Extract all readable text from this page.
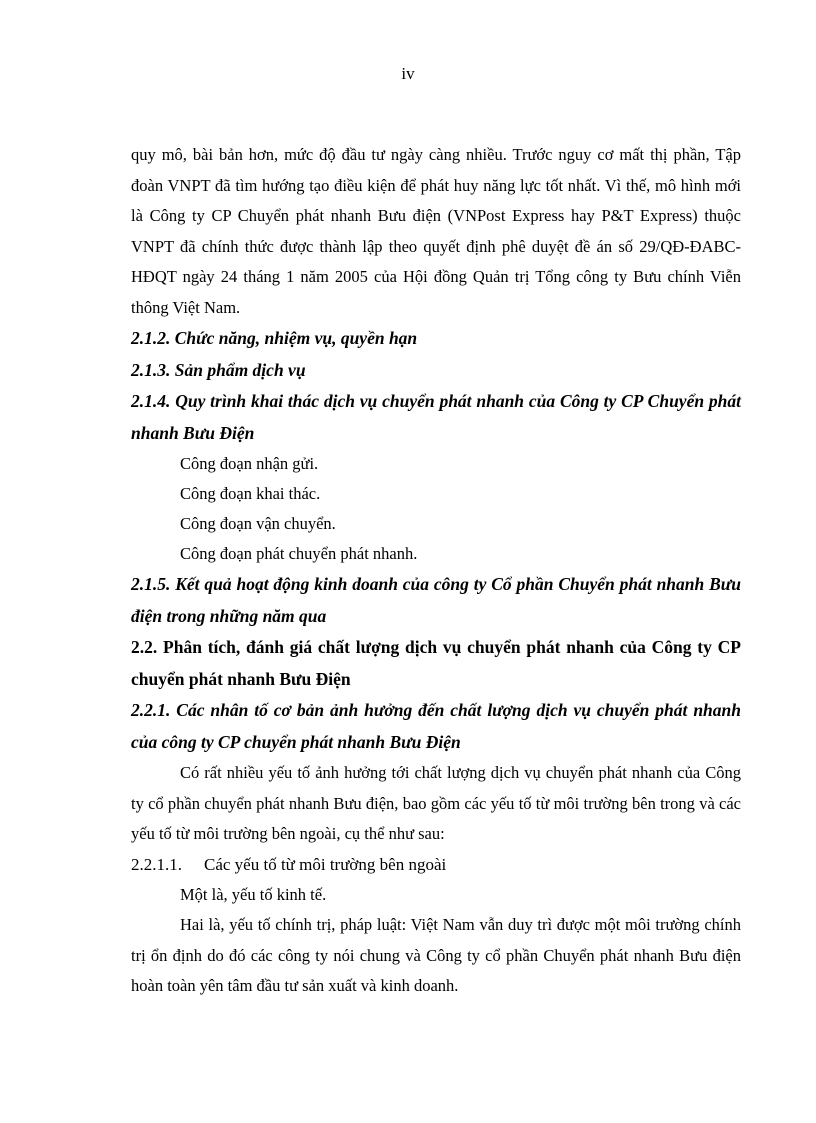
iv

quy mô, bài bản hơn, mức độ đầu tư ngày càng nhiều. Trước nguy cơ mất thị phần, Tập đoàn VNPT đã tìm hướng tạo điều kiện để phát huy năng lực tốt nhất. Vì thế, mô hình mới là Công ty CP Chuyển phát nhanh Bưu điện (VNPost Express hay P&T Express) thuộc VNPT đã chính thức được thành lập theo quyết định phê duyệt đề án số 29/QĐ-ĐABC-HĐQT ngày 24 tháng 1 năm 2005 của Hội đồng Quản trị Tổng công ty Bưu chính Viễn thông Việt Nam.

2.1.2. Chức năng, nhiệm vụ, quyền hạn

2.1.3. Sản phẩm dịch vụ

2.1.4. Quy trình khai thác dịch vụ chuyển phát nhanh của Công ty CP Chuyển phát nhanh Bưu Điện

Công đoạn nhận gửi.

Công đoạn khai thác.

Công đoạn vận chuyển.

Công đoạn phát chuyển phát nhanh.

2.1.5. Kết quả hoạt động kinh doanh của công ty Cổ phần Chuyển phát nhanh Bưu điện trong những năm qua

2.2. Phân tích, đánh giá chất lượng dịch vụ chuyển phát nhanh của Công ty CP chuyển phát nhanh Bưu Điện

2.2.1. Các nhân tố cơ bản ảnh hưởng đến chất lượng dịch vụ chuyển phát nhanh của công ty CP chuyển phát nhanh Bưu Điện

Có rất nhiều yếu tố ảnh hưởng tới chất lượng dịch vụ chuyển phát nhanh của Công ty cổ phần chuyển phát nhanh Bưu điện, bao gồm các yếu tố từ môi trường bên trong và các yếu tố từ môi trường bên ngoài, cụ thể như sau:

2.2.1.1. Các yếu tố từ môi trường bên ngoài

Một là, yếu tố kinh tế.

Hai là, yếu tố chính trị, pháp luật: Việt Nam vẫn duy trì được một môi trường chính trị ổn định do đó các công ty nói chung và Công ty cổ phần Chuyển phát nhanh Bưu điện hoàn toàn yên tâm đầu tư sản xuất và kinh doanh.
